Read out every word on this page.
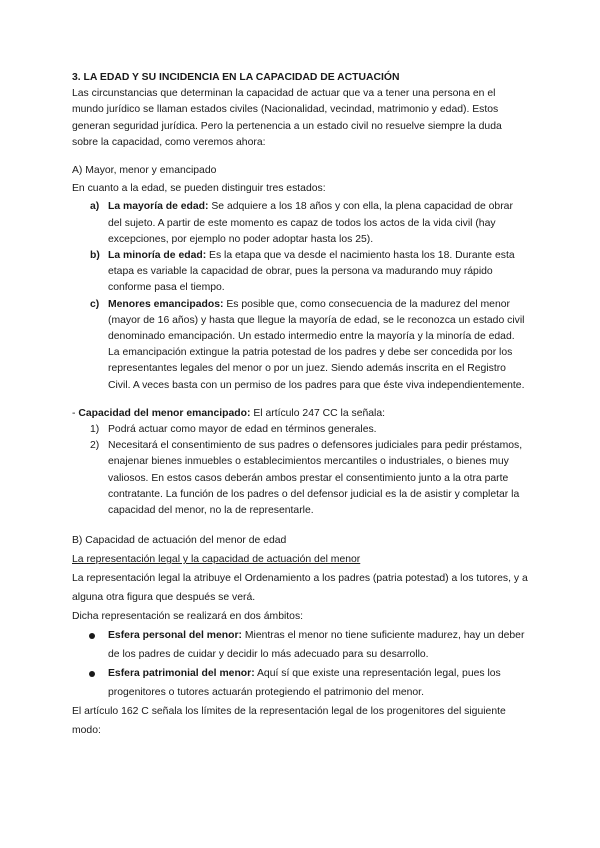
3. LA EDAD Y SU INCIDENCIA EN LA CAPACIDAD DE ACTUACIÓN

Las circunstancias que determinan la capacidad de actuar que va a tener una persona en el mundo jurídico se llaman estados civiles (Nacionalidad, vecindad, matrimonio y edad). Estos generan seguridad jurídica. Pero la pertenencia a un estado civil no resuelve siempre la duda sobre la capacidad, como veremos ahora:

A) Mayor, menor y emancipado

En cuanto a la edad, se pueden distinguir tres estados:

a) La mayoría de edad: Se adquiere a los 18 años y con ella, la plena capacidad de obrar del sujeto. A partir de este momento es capaz de todos los actos de la vida civil (hay excepciones, por ejemplo no poder adoptar hasta los 25).
b) La minoría de edad: Es la etapa que va desde el nacimiento hasta los 18. Durante esta etapa es variable la capacidad de obrar, pues la persona va madurando muy rápido conforme pasa el tiempo.
c) Menores emancipados: Es posible que, como consecuencia de la madurez del menor (mayor de 16 años) y hasta que llegue la mayoría de edad, se le reconozca un estado civil denominado emancipación. Un estado intermedio entre la mayoría y la minoría de edad. La emancipación extingue la patria potestad de los padres y debe ser concedida por los representantes legales del menor o por un juez. Siendo además inscrita en el Registro Civil. A veces basta con un permiso de los padres para que éste viva independientemente.

- Capacidad del menor emancipado: El artículo 247 CC la señala:

1) Podrá actuar como mayor de edad en términos generales.
2) Necesitará el consentimiento de sus padres o defensores judiciales para pedir préstamos, enajenar bienes inmuebles o establecimientos mercantiles o industriales, o bienes muy valiosos. En estos casos deberán ambos prestar el consentimiento junto a la otra parte contratante. La función de los padres o del defensor judicial es la de asistir y completar la capacidad del menor, no la de representarle.

B) Capacidad de actuación del menor de edad

La representación legal y la capacidad de actuación del menor

La representación legal la atribuye el Ordenamiento a los padres (patria potestad) a los tutores, y a alguna otra figura que después se verá.

Dicha representación se realizará en dos ámbitos:

Esfera personal del menor: Mientras el menor no tiene suficiente madurez, hay un deber de los padres de cuidar y decidir lo más adecuado para su desarrollo.
Esfera patrimonial del menor: Aquí sí que existe una representación legal, pues los progenitores o tutores actuarán protegiendo el patrimonio del menor.

El artículo 162 C señala los límites de la representación legal de los progenitores del siguiente modo:
